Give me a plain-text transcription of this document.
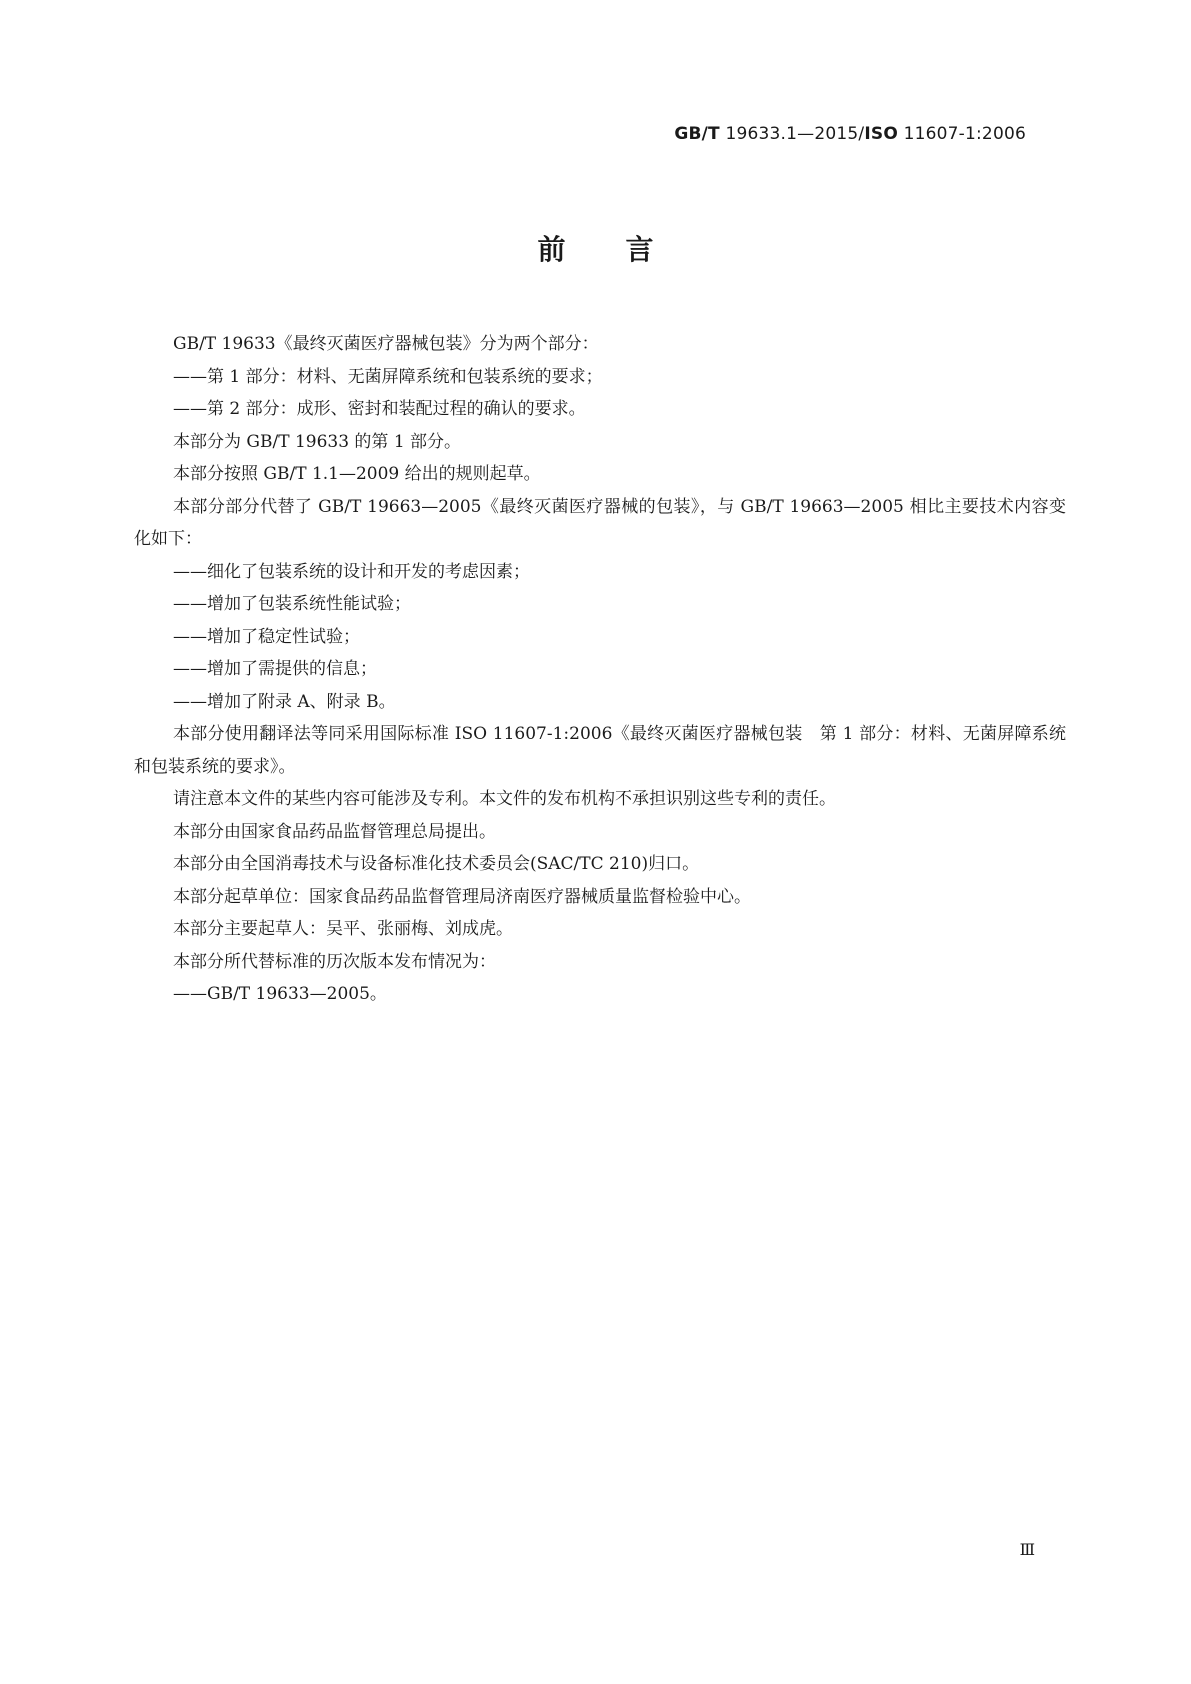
GB/T 19633.1—2015/ISO 11607-1:2006
前言

GB/T 19633《最终灭菌医疗器械包装》分为两个部分：

——第 1 部分：材料、无菌屏障系统和包装系统的要求；

——第 2 部分：成形、密封和装配过程的确认的要求。

本部分为 GB/T 19633 的第 1 部分。

本部分按照 GB/T 1.1—2009 给出的规则起草。

本部分部分代替了 GB/T 19663—2005《最终灭菌医疗器械的包装》，与 GB/T 19663—2005 相比主要技术内容变化如下：

——细化了包装系统的设计和开发的考虑因素；

——增加了包装系统性能试验；

——增加了稳定性试验；

——增加了需提供的信息；

——增加了附录 A、附录 B。

本部分使用翻译法等同采用国际标准 ISO 11607-1:2006《最终灭菌医疗器械包装　第 1 部分：材料、无菌屏障系统和包装系统的要求》。

请注意本文件的某些内容可能涉及专利。本文件的发布机构不承担识别这些专利的责任。

本部分由国家食品药品监督管理总局提出。

本部分由全国消毒技术与设备标准化技术委员会(SAC/TC 210)归口。

本部分起草单位：国家食品药品监督管理局济南医疗器械质量监督检验中心。

本部分主要起草人：吴平、张丽梅、刘成虎。

本部分所代替标准的历次版本发布情况为：

——GB/T 19633—2005。

Ⅲ
